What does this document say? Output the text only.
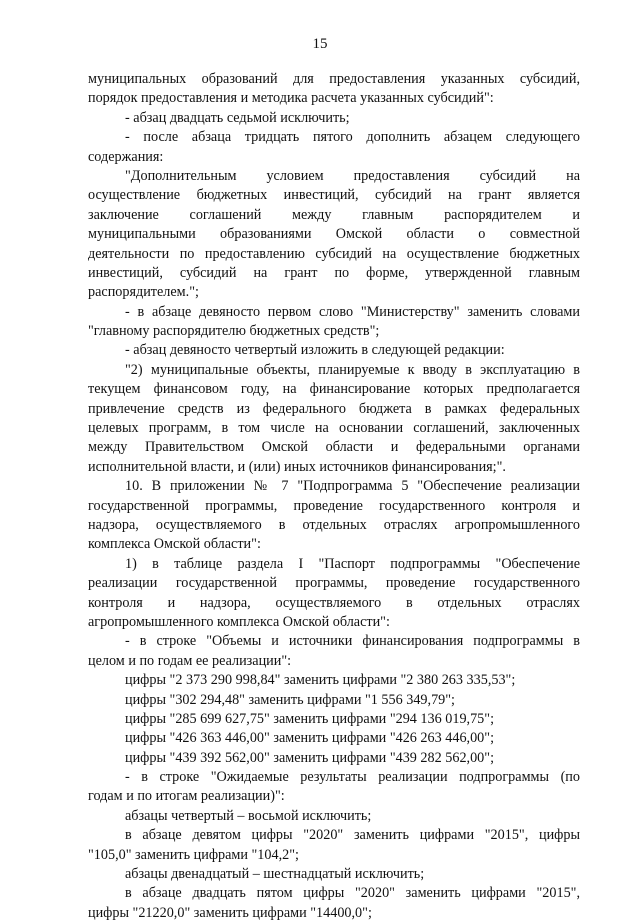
15
муниципальных образований для предоставления указанных субсидий,
порядок предоставления и методика расчета указанных субсидий":
- абзац двадцать седьмой исключить;
- после абзаца тридцать пятого дополнить абзацем следующего
содержания:
"Дополнительным условием предоставления субсидий на
осуществление бюджетных инвестиций, субсидий на грант является
заключение соглашений между главным распорядителем и
муниципальными образованиями Омской области о совместной
деятельности по предоставлению субсидий на осуществление бюджетных
инвестиций, субсидий на грант по форме, утвержденной главным
распорядителем.";
- в абзаце девяносто первом слово "Министерству" заменить словами
"главному распорядителю бюджетных средств";
- абзац девяносто четвертый изложить в следующей редакции:
"2) муниципальные объекты, планируемые к вводу в эксплуатацию в
текущем финансовом году, на финансирование которых предполагается
привлечение средств из федерального бюджета в рамках федеральных
целевых программ, в том числе на основании соглашений, заключенных
между Правительством Омской области и федеральными органами
исполнительной власти, и (или) иных источников финансирования;".
10. В приложении № 7 "Подпрограмма 5 "Обеспечение реализации
государственной программы, проведение государственного контроля и
надзора, осуществляемого в отдельных отраслях агропромышленного
комплекса Омской области":
1) в таблице раздела I "Паспорт подпрограммы "Обеспечение
реализации государственной программы, проведение государственного
контроля и надзора, осуществляемого в отдельных отраслях
агропромышленного комплекса Омской области":
- в строке "Объемы и источники финансирования подпрограммы в
целом и по годам ее реализации":
цифры "2 373 290 998,84" заменить цифрами "2 380 263 335,53";
цифры "302 294,48" заменить цифрами "1 556 349,79";
цифры "285 699 627,75" заменить цифрами "294 136 019,75";
цифры "426 363 446,00" заменить цифрами "426 263 446,00";
цифры "439 392 562,00" заменить цифрами "439 282 562,00";
- в строке "Ожидаемые результаты реализации подпрограммы (по
годам и по итогам реализации)":
абзацы четвертый – восьмой исключить;
в абзаце девятом цифры "2020" заменить цифрами "2015", цифры
"105,0" заменить цифрами "104,2";
абзацы двенадцатый – шестнадцатый исключить;
в абзаце двадцать пятом цифры "2020" заменить цифрами "2015",
цифры "21220,0" заменить цифрами "14400,0";
